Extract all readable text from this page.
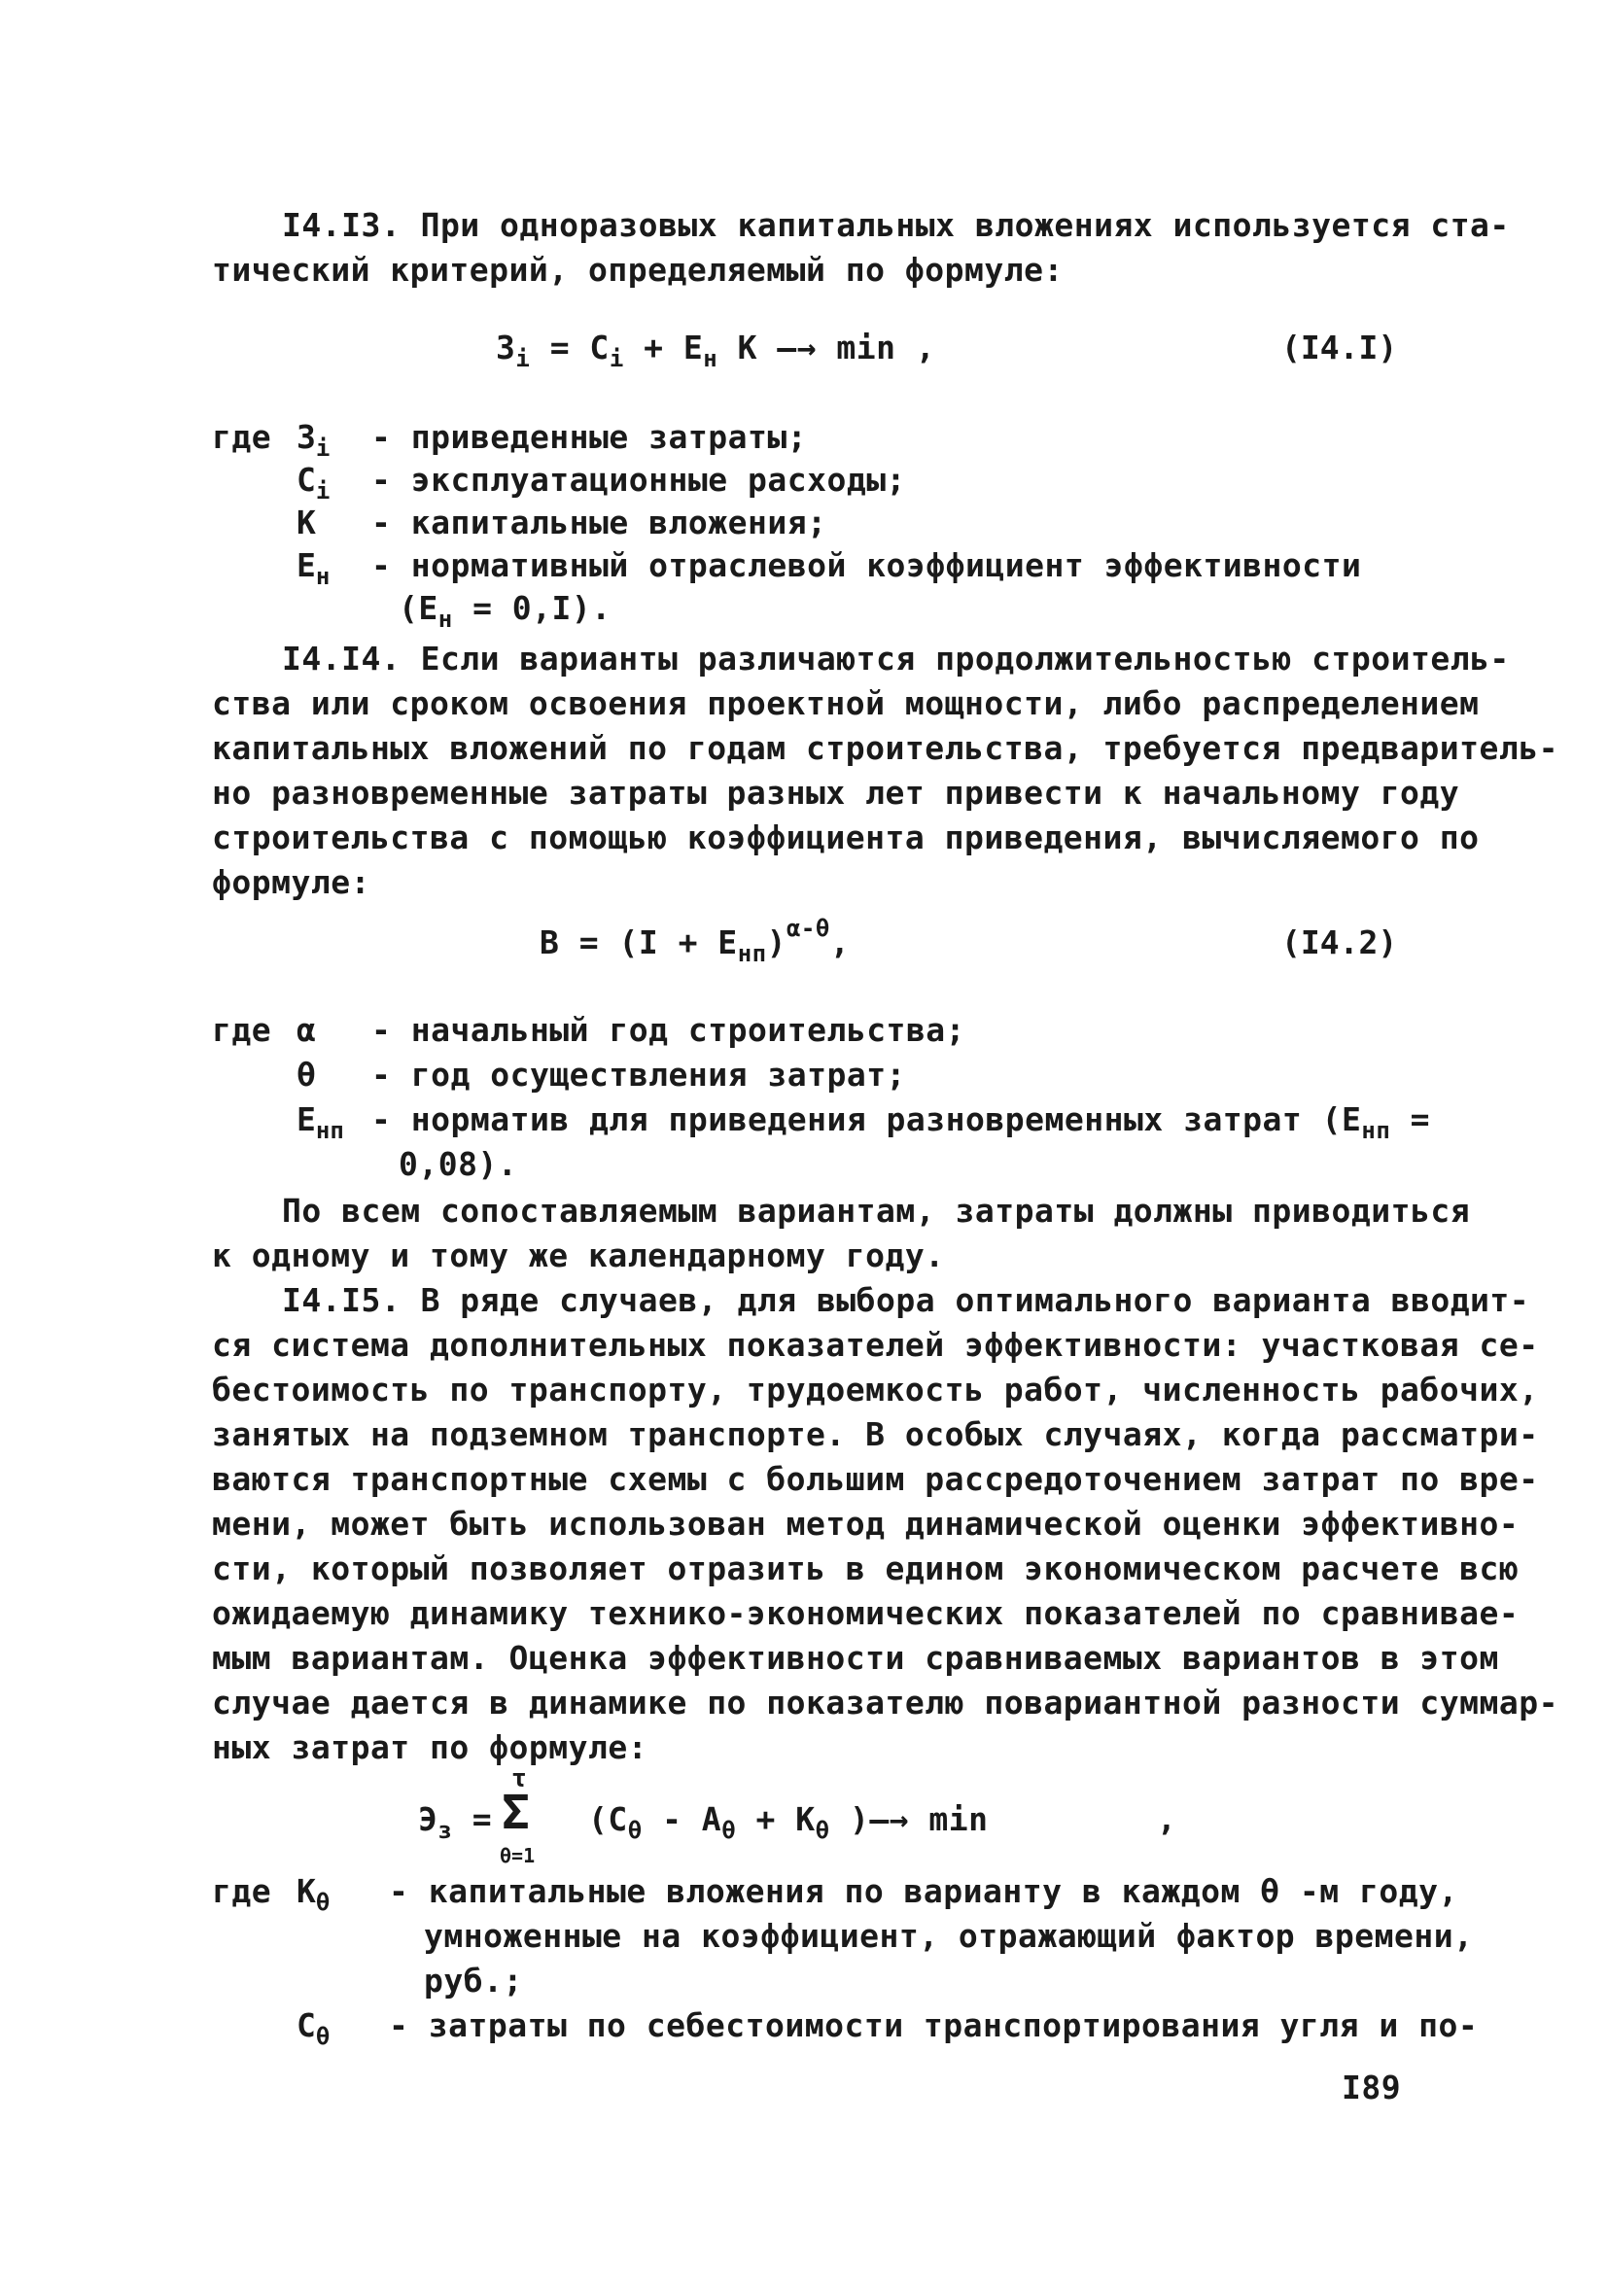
I4.I3. При одноразовых капитальных вложениях используется ста-
тический критерий, определяемый по формуле:
$З_i = C_i + E_н$ K —→ min ,	(I4.I)
где $З_i$ - приведенные затраты;
$C_i$ - эксплуатационные расходы;
K - капитальные вложения;
$E_н$ - нормативный отраслевой коэффициент эффективности
$(E_н = 0,I)$.
I4.I4. Если варианты различаются продолжительностью строитель-
ства или сроком освоения проектной мощности, либо распределением
капитальных вложений по годам строительства, требуется предваритель-
но разновременные затраты разных лет привести к начальному году
строительства с помощью коэффициента приведения, вычисляемого по
формуле:
$В = (I + E_{нп})^{\alpha-\theta}$,	(I4.2)
где α - начальный год строительства;
θ - год осуществления затрат;
$E_{нп}$ - норматив для приведения разновременных затрат ($E_{нп}$ =
0,08).
По всем сопоставляемым вариантам, затраты должны приводиться
к одному и тому же календарному году.
I4.I5. В ряде случаев, для выбора оптимального варианта вводит-
ся система дополнительных показателей эффективности: участковая се-
бестоимость по транспорту, трудоемкость работ, численность рабочих,
занятых на подземном транспорте. В особых случаях, когда рассматри-
ваются транспортные схемы с большим рассредоточением затрат по вре-
мени, может быть использован метод динамической оценки эффективно-
сти, который позволяет отразить в едином экономическом расчете всю
ожидаемую динамику технико-экономических показателей по сравнивае-
мым вариантам. Оценка эффективности сравниваемых вариантов в этом
случае дается в динамике по показателю повариантной разности суммар-
ных затрат по формуле:
$Э_з$ =
τ
Σ
θ=1
($C_\theta - A_\theta + K_\theta$ )—→ min	,
где $K_\theta$ - капитальные вложения по варианту в каждом θ -м году,
умноженные на коэффициент, отражающий фактор времени,
руб.;
$C_\theta$ - затраты по себестоимости транспортирования угля и по-
I89
